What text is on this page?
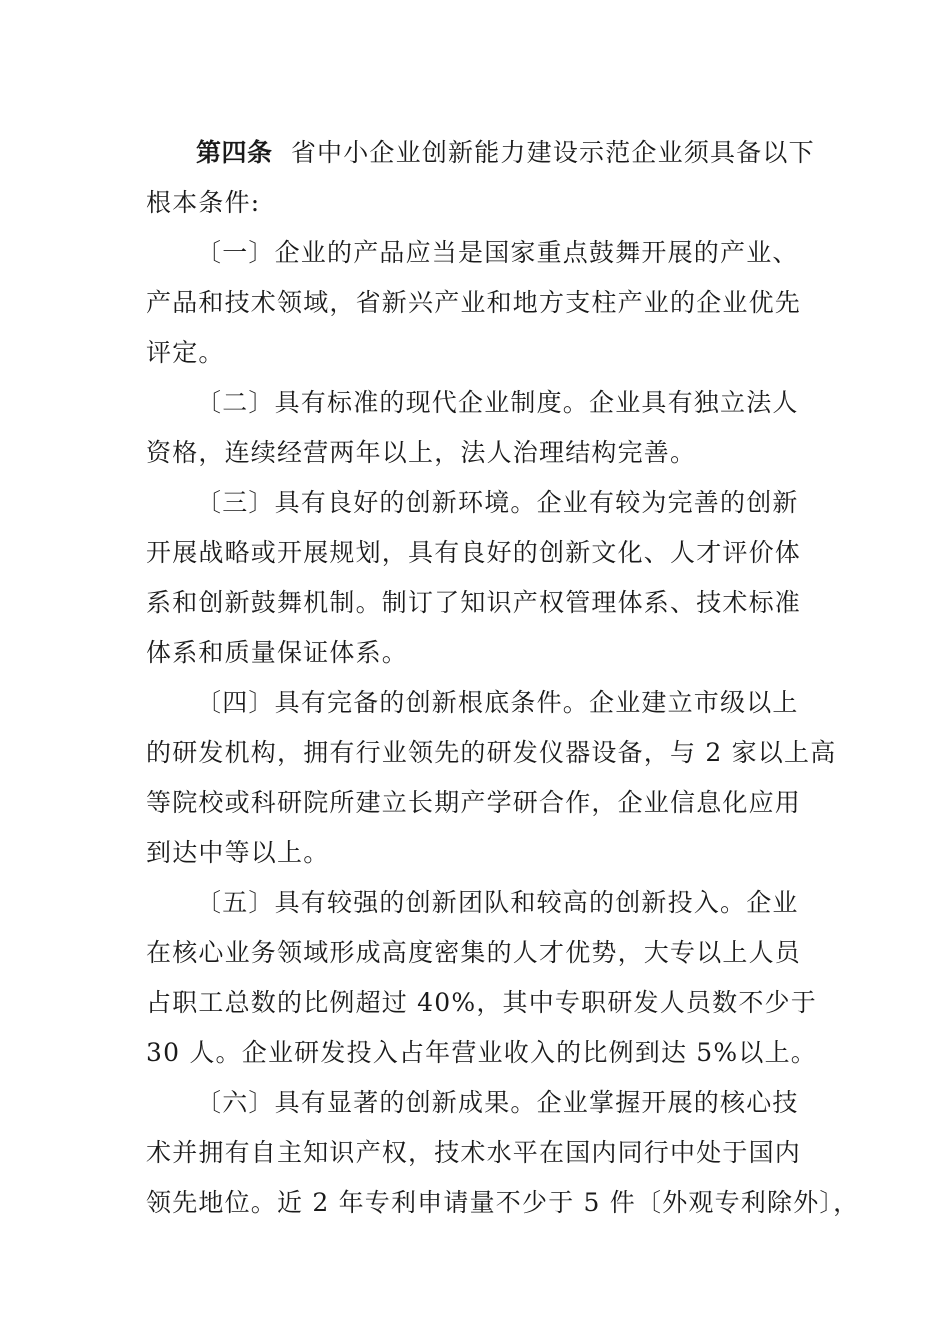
第四条 省中小企业创新能力建设示范企业须具备以下
根本条件:
〔一〕企业的产品应当是国家重点鼓舞开展的产业、
产品和技术领域，省新兴产业和地方支柱产业的企业优先
评定。
〔二〕具有标准的现代企业制度。企业具有独立法人
资格，连续经营两年以上，法人治理结构完善。
〔三〕具有良好的创新环境。企业有较为完善的创新
开展战略或开展规划，具有良好的创新文化、人才评价体
系和创新鼓舞机制。制订了知识产权管理体系、技术标准
体系和质量保证体系。
〔四〕具有完备的创新根底条件。企业建立市级以上
的研发机构，拥有行业领先的研发仪器设备，与 2 家以上高
等院校或科研院所建立长期产学研合作，企业信息化应用
到达中等以上。
〔五〕具有较强的创新团队和较高的创新投入。企业
在核心业务领域形成高度密集的人才优势，大专以上人员
占职工总数的比例超过 40%，其中专职研发人员数不少于
30 人。企业研发投入占年营业收入的比例到达 5%以上。
〔六〕具有显著的创新成果。企业掌握开展的核心技
术并拥有自主知识产权，技术水平在国内同行中处于国内
领先地位。近 2 年专利申请量不少于 5 件〔外观专利除外〕，
